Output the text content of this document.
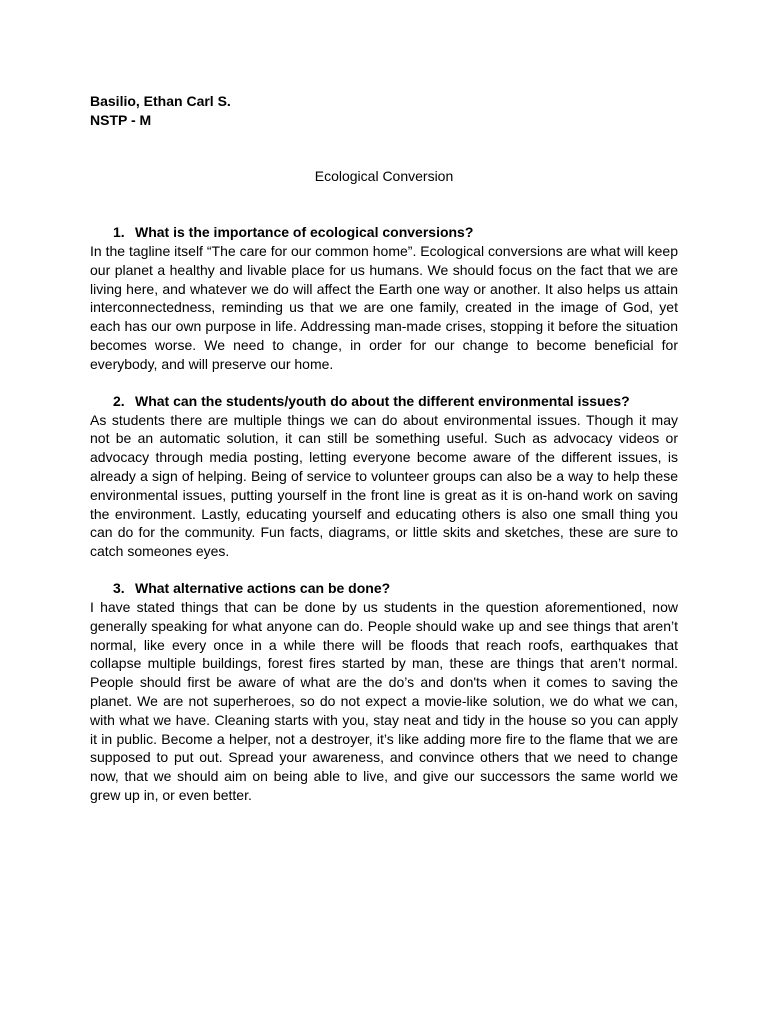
Basilio, Ethan Carl S.

NSTP - M

Ecological Conversion
1. What is the importance of ecological conversions?

In the tagline itself “The care for our common home”. Ecological conversions are what will keep our planet a healthy and livable place for us humans. We should focus on the fact that we are living here, and whatever we do will affect the Earth one way or another. It also helps us attain interconnectedness, reminding us that we are one family, created in the image of God, yet each has our own purpose in life. Addressing man-made crises, stopping it before the situation becomes worse. We need to change, in order for our change to become beneficial for everybody, and will preserve our home.

2. What can the students/youth do about the different environmental issues?

As students there are multiple things we can do about environmental issues. Though it may not be an automatic solution, it can still be something useful. Such as advocacy videos or advocacy through media posting, letting everyone become aware of the different issues, is already a sign of helping. Being of service to volunteer groups can also be a way to help these environmental issues, putting yourself in the front line is great as it is on-hand work on saving the environment. Lastly, educating yourself and educating others is also one small thing you can do for the community. Fun facts, diagrams, or little skits and sketches, these are sure to catch someones eyes.

3. What alternative actions can be done?

I have stated things that can be done by us students in the question aforementioned, now generally speaking for what anyone can do. People should wake up and see things that aren’t normal, like every once in a while there will be floods that reach roofs, earthquakes that collapse multiple buildings, forest fires started by man, these are things that aren’t normal. People should first be aware of what are the do’s and don'ts when it comes to saving the planet. We are not superheroes, so do not expect a movie-like solution, we do what we can, with what we have. Cleaning starts with you, stay neat and tidy in the house so you can apply it in public. Become a helper, not a destroyer, it’s like adding more fire to the flame that we are supposed to put out. Spread your awareness, and convince others that we need to change now, that we should aim on being able to live, and give our successors the same world we grew up in, or even better.
